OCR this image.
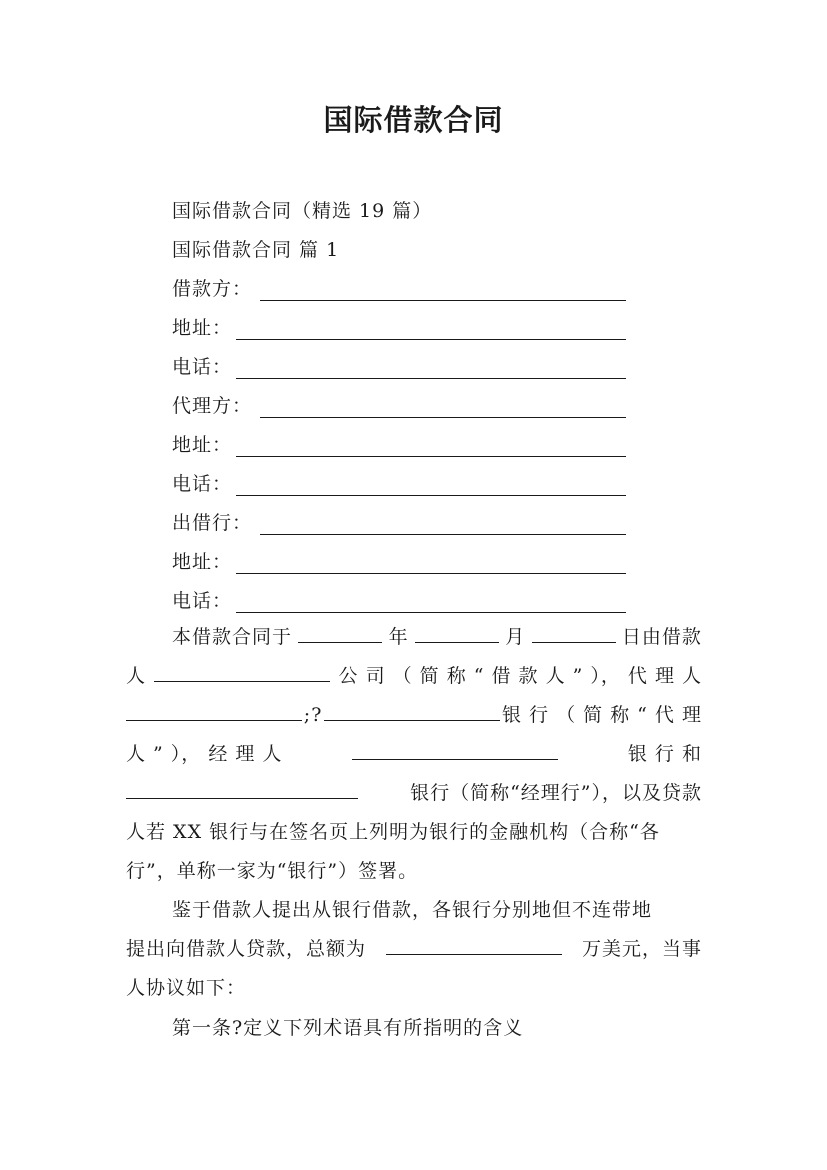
国际借款合同
国际借款合同（精选 19 篇）
国际借款合同 篇 1
借款方：
地址：
电话：
代理方：
地址：
电话：
出借行：
地址：
电话：
本借款合同于	年	月	日由借款
人	公 司 （ 简 称 “ 借 款 人 ” ）， 代 理 人
;?	银 行 （ 简 称 “ 代 理
人 ” ）， 经 理 人	银 行 和
银行（简称“经理行”），以及贷款
人若 XX 银行与在签名页上列明为银行的金融机构（合称“各
行”，单称一家为“银行”）签署。
鉴于借款人提出从银行借款，各银行分别地但不连带地
提出向借款人贷款，总额为	万美元，当事
人协议如下：
第一条?定义下列术语具有所指明的含义
